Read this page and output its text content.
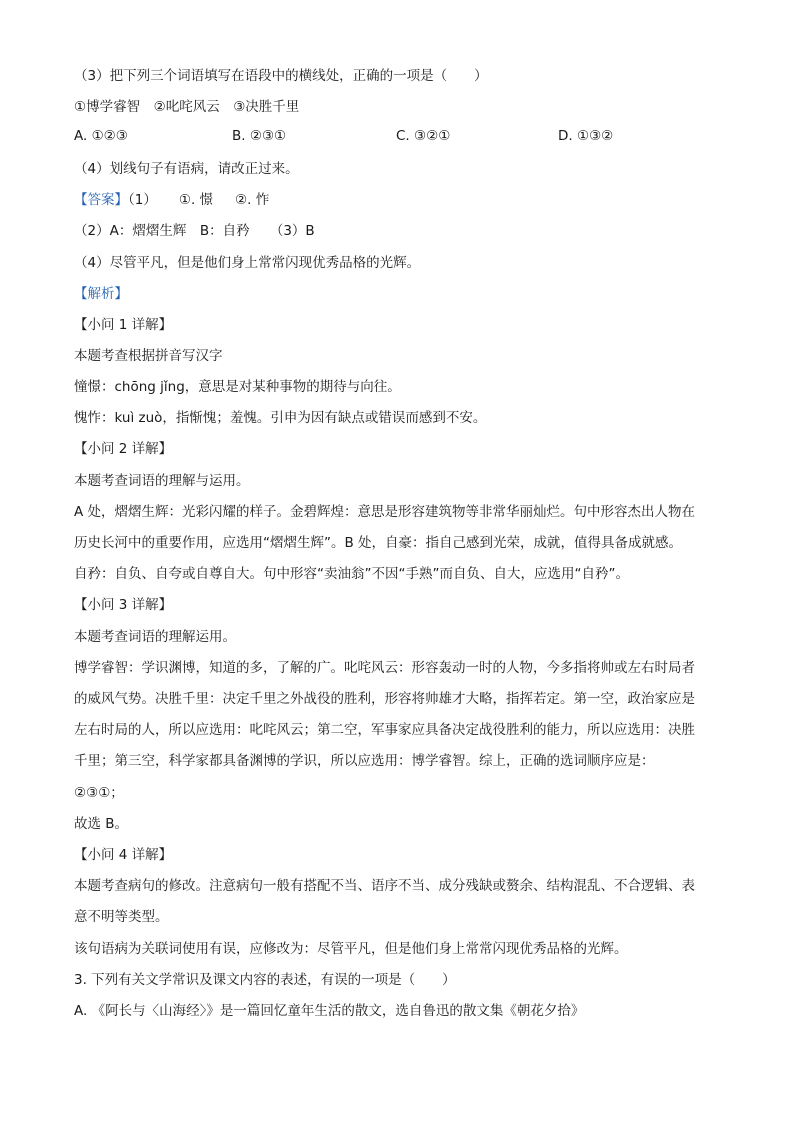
（3）把下列三个词语填写在语段中的横线处，正确的一项是（　　）
①博学睿智　②叱咤风云　③决胜千里
A. ①②③	B. ②③①	C. ③②①	D. ①③②
（4）划线句子有语病，请改正过来。
【答案】（1） ①. 憬 ②. 怍
（2）A：熠熠生辉　B：自矜　　（3）B
（4）尽管平凡，但是他们身上常常闪现优秀品格的光辉。
【解析】
【小问 1 详解】
本题考查根据拼音写汉字
憧憬：chōng jǐng，意思是对某种事物的期待与向往。
愧怍：kuì zuò，指惭愧；羞愧。引申为因有缺点或错误而感到不安。
【小问 2 详解】
本题考查词语的理解与运用。
A 处，熠熠生辉：光彩闪耀的样子。金碧辉煌：意思是形容建筑物等非常华丽灿烂。句中形容杰出人物在
历史长河中的重要作用，应选用“熠熠生辉”。B 处，自豪：指自己感到光荣，成就，值得具备成就感。
自矜：自负、自夸或自尊自大。句中形容“卖油翁”不因“手熟”而自负、自大，应选用“自矜”。
【小问 3 详解】
本题考查词语的理解运用。
博学睿智：学识渊博，知道的多，了解的广。叱咤风云：形容轰动一时的人物，今多指将帅或左右时局者
的威风气势。决胜千里：决定千里之外战役的胜利，形容将帅雄才大略，指挥若定。第一空，政治家应是
左右时局的人，所以应选用：叱咤风云；第二空，军事家应具备决定战役胜利的能力，所以应选用：决胜
千里；第三空，科学家都具备渊博的学识，所以应选用：博学睿智。综上，正确的选词顺序应是：
②③①；
故选 B。
【小问 4 详解】
本题考查病句的修改。注意病句一般有搭配不当、语序不当、成分残缺或赘余、结构混乱、不合逻辑、表
意不明等类型。
该句语病为关联词使用有误，应修改为：尽管平凡，但是他们身上常常闪现优秀品格的光辉。
3. 下列有关文学常识及课文内容的表述，有误的一项是（　　）
A. 《阿长与〈山海经〉》是一篇回忆童年生活的散文，选自鲁迅的散文集《朝花夕拾》
